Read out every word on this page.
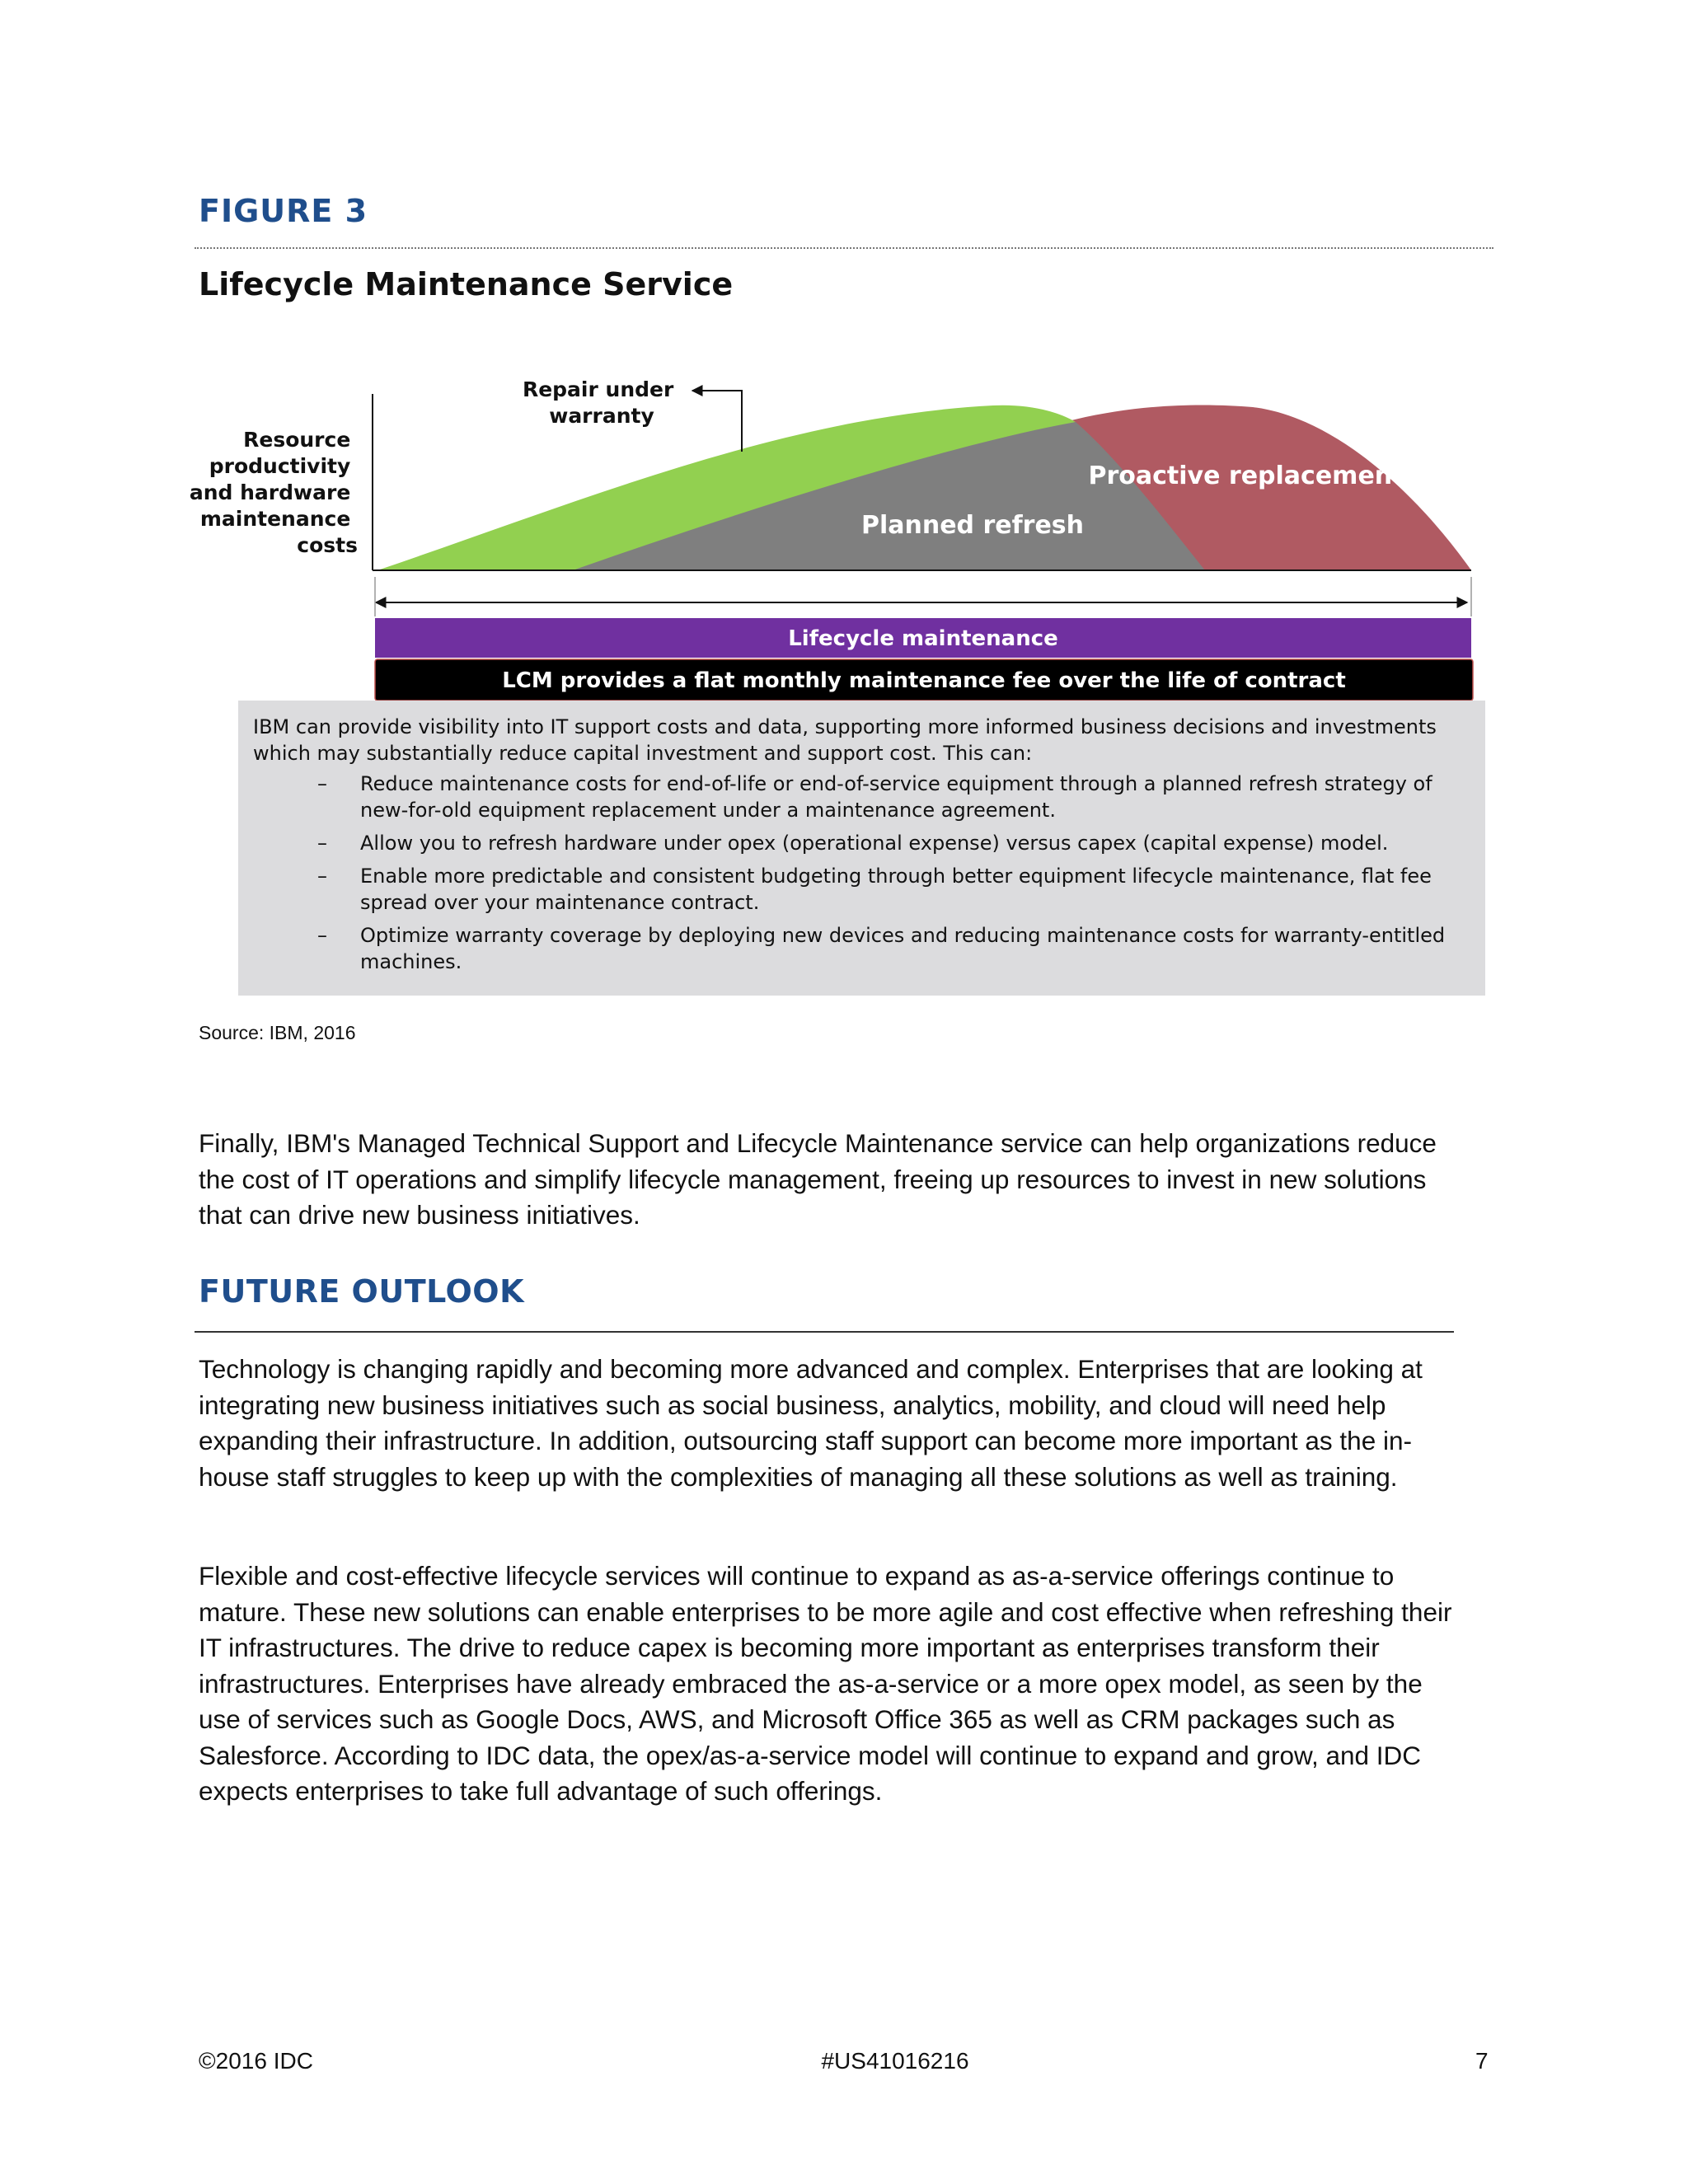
FIGURE 3
Lifecycle Maintenance Service
Resource productivity and hardware maintenance costs
Repair under warranty
Planned refresh
Proactive replacement
Lifecycle maintenance
LCM provides a flat monthly maintenance fee over the life of contract

IBM can provide visibility into IT support costs and data, supporting more informed business decisions and investments which may substantially reduce capital investment and support cost. This can:

– Reduce maintenance costs for end-of-life or end-of-service equipment through a planned refresh strategy of new-for-old equipment replacement under a maintenance agreement.
– Allow you to refresh hardware under opex (operational expense) versus capex (capital expense) model.
– Enable more predictable and consistent budgeting through better equipment lifecycle maintenance, flat fee spread over your maintenance contract.
– Optimize warranty coverage by deploying new devices and reducing maintenance costs for warranty-entitled machines.
Source: IBM, 2016

Finally, IBM's Managed Technical Support and Lifecycle Maintenance service can help organizations reduce the cost of IT operations and simplify lifecycle management, freeing up resources to invest in new solutions that can drive new business initiatives.

FUTURE OUTLOOK

Technology is changing rapidly and becoming more advanced and complex. Enterprises that are looking at integrating new business initiatives such as social business, analytics, mobility, and cloud will need help expanding their infrastructure. In addition, outsourcing staff support can become more important as the in-house staff struggles to keep up with the complexities of managing all these solutions as well as training.

Flexible and cost-effective lifecycle services will continue to expand as as-a-service offerings continue to mature. These new solutions can enable enterprises to be more agile and cost effective when refreshing their IT infrastructures. The drive to reduce capex is becoming more important as enterprises transform their infrastructures. Enterprises have already embraced the as-a-service or a more opex model, as seen by the use of services such as Google Docs, AWS, and Microsoft Office 365 as well as CRM packages such as Salesforce. According to IDC data, the opex/as-a-service model will continue to expand and grow, and IDC expects enterprises to take full advantage of such offerings.

©2016 IDC	#US41016216	7
